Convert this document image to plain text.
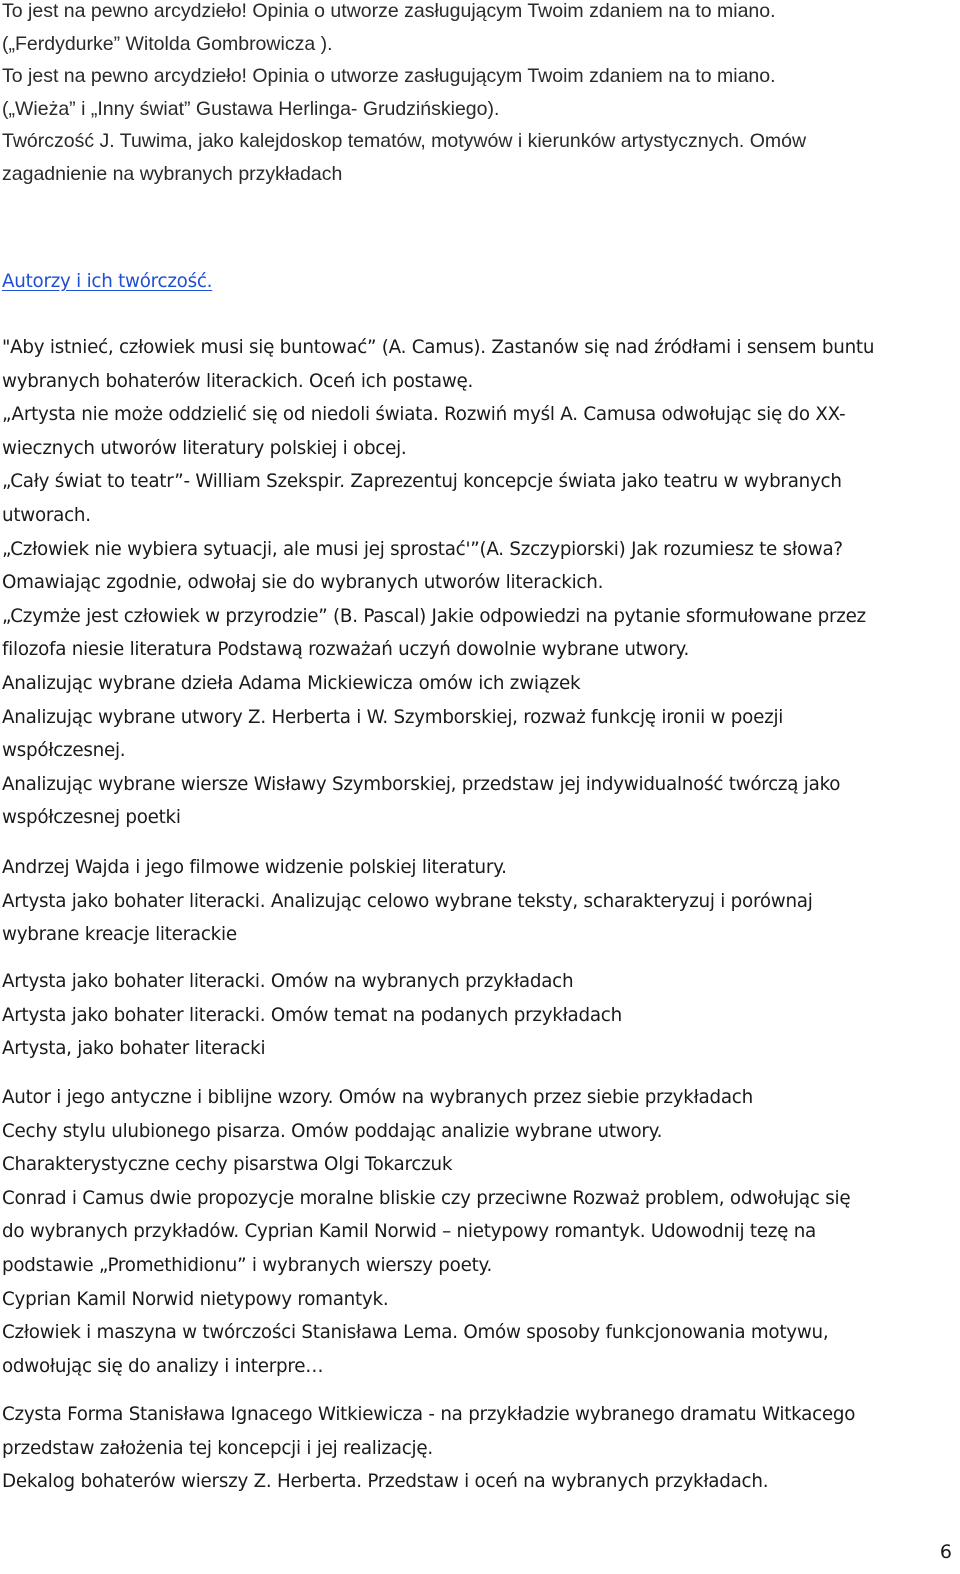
To jest na pewno arcydzieło! Opinia o utworze zasługującym Twoim zdaniem na to miano.
(„Ferdydurke” Witolda Gombrowicza ).
To jest na pewno arcydzieło! Opinia o utworze zasługującym Twoim zdaniem na to miano.
(„Wieża” i „Inny świat” Gustawa Herlinga- Grudzińskiego).
Twórczość J. Tuwima, jako kalejdoskop tematów, motywów i kierunków artystycznych. Omów
zagadnienie na wybranych przykładach
Autorzy i ich twórczość.
"Aby istnieć, człowiek musi się buntować” (A. Camus). Zastanów się nad źródłami i sensem buntu
wybranych bohaterów literackich. Oceń ich postawę.
„Artysta nie może oddzielić się od niedoli świata. Rozwiń myśl A. Camusa odwołując się do XX-
wiecznych utworów literatury polskiej i obcej.
„Cały świat to teatr”- William Szekspir. Zaprezentuj koncepcje świata jako teatru w wybranych
utworach.
„Człowiek nie wybiera sytuacji, ale musi jej sprostać'”(A. Szczypiorski) Jak rozumiesz te słowa?
Omawiając zgodnie, odwołaj sie do wybranych utworów literackich.
„Czymże jest człowiek w przyrodzie” (B. Pascal) Jakie odpowiedzi na pytanie sformułowane przez
filozofa niesie literatura Podstawą rozważań uczyń dowolnie wybrane utwory.
Analizując wybrane dzieła Adama Mickiewicza omów ich związek
Analizując wybrane utwory Z. Herberta i W. Szymborskiej, rozważ funkcję ironii w poezji
współczesnej.
Analizując wybrane wiersze Wisławy Szymborskiej, przedstaw jej indywidualność twórczą jako
współczesnej poetki
Andrzej Wajda i jego filmowe widzenie polskiej literatury.
Artysta jako bohater literacki. Analizując celowo wybrane teksty, scharakteryzuj i porównaj
wybrane kreacje literackie
Artysta jako bohater literacki. Omów na wybranych przykładach
Artysta jako bohater literacki. Omów temat na podanych przykładach
Artysta, jako bohater literacki
Autor i jego antyczne i biblijne wzory. Omów na wybranych przez siebie przykładach
Cechy stylu ulubionego pisarza. Omów poddając analizie wybrane utwory.
Charakterystyczne cechy pisarstwa Olgi Tokarczuk
Conrad i Camus dwie propozycje moralne bliskie czy przeciwne Rozważ problem, odwołując się
do wybranych przykładów. Cyprian Kamil Norwid – nietypowy romantyk. Udowodnij tezę na
podstawie „Promethidionu” i wybranych wierszy poety.
Cyprian Kamil Norwid nietypowy romantyk.
Człowiek i maszyna w twórczości Stanisława Lema. Omów sposoby funkcjonowania motywu,
odwołując się do analizy i interpre…
Czysta Forma Stanisława Ignacego Witkiewicza - na przykładzie wybranego dramatu Witkacego
przedstaw założenia tej koncepcji i jej realizację.
Dekalog bohaterów wierszy Z. Herberta. Przedstaw i oceń na wybranych przykładach.
6
